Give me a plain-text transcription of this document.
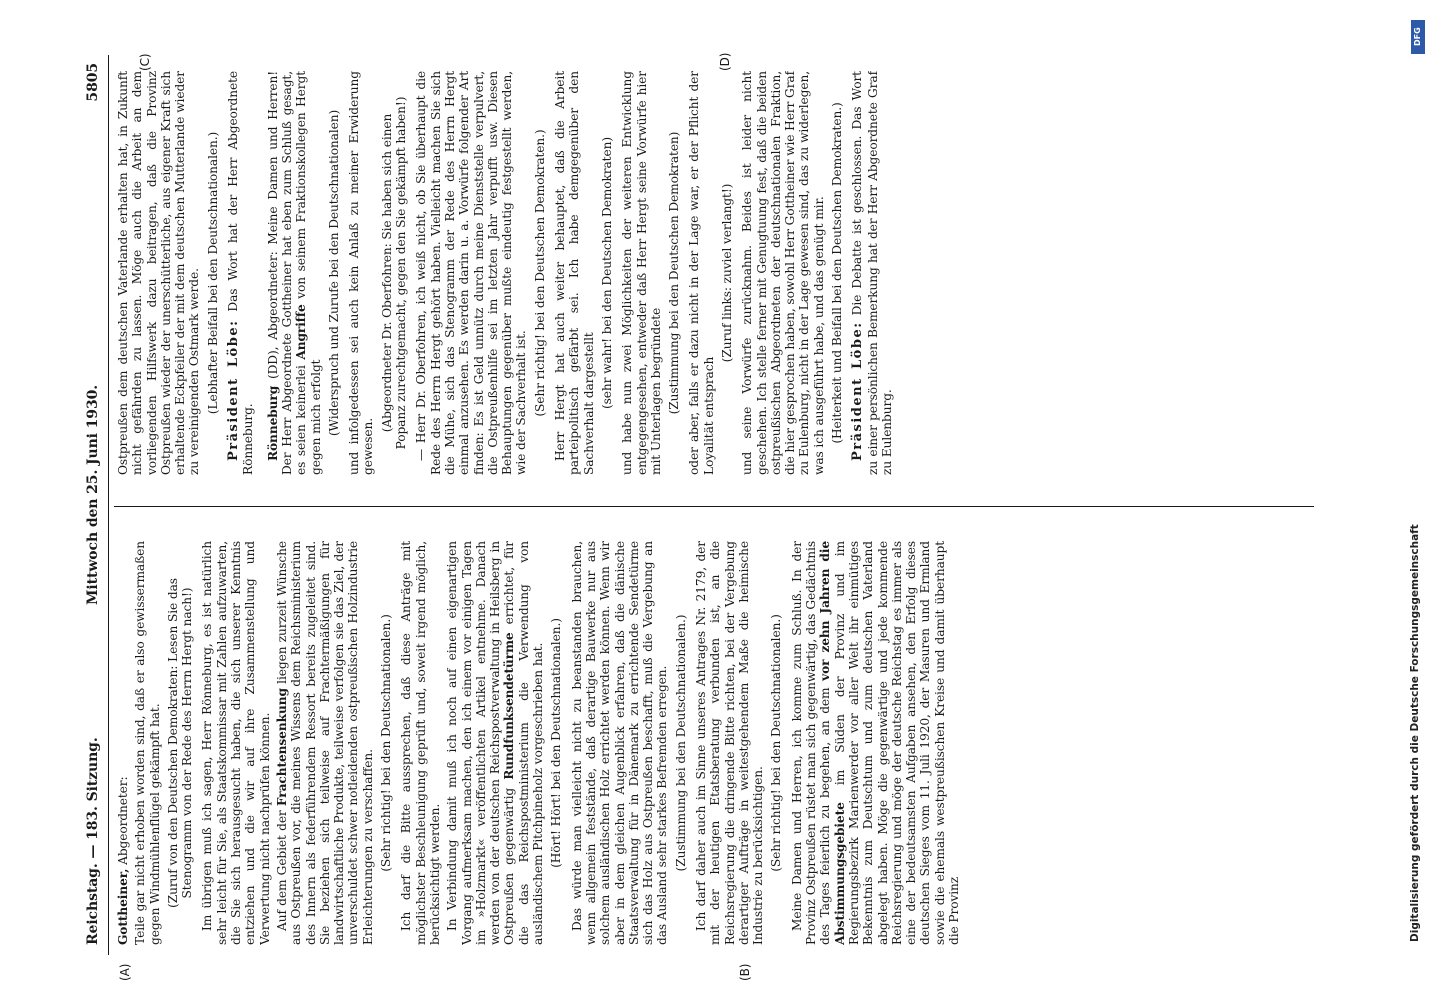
Reichstag. — 183. Sitzung.
Mittwoch den 25. Juni 1930.
5805
(A)	(B)
(C)	(D)

Gottheiner, Abgeordneter: Teile gar nicht erhoben worden sind, daß er also gewissermaßen gegen Windmühlenflügel gekämpft hat. (Zuruf von den Deutschen Demokraten: Lesen Sie das Stenogramm von der Rede des Herrn Hergt nach!) Im übrigen muß ich sagen, Herr Rönneburg, es ist natürlich sehr leicht für Sie, als Staatskommissar mit Zahlen aufzuwarten, die Sie sich herausgesucht haben, die sich unserer Kenntnis entziehen und die wir auf ihre Zusammenstellung und Verwertung nicht nachprüfen können. Auf dem Gebiet der Frachtensenkung liegen zurzeit Wünsche aus Ostpreußen vor, die meines Wissens dem Reichsministerium des Innern als federführendem Ressort bereits zugeleitet sind. Sie beziehen sich teilweise auf Frachtermäßigungen für landwirtschaftliche Produkte, teilweise verfolgen sie das Ziel, der unverschuldet schwer notleidenden ostpreußischen Holzindustrie Erleichterungen zu verschaffen. (Sehr richtig! bei den Deutschnationalen.) Ich darf die Bitte aussprechen, daß diese Anträge mit möglichster Beschleunigung geprüft und, soweit irgend möglich, berücksichtigt werden. In Verbindung damit muß ich noch auf einen eigenartigen Vorgang aufmerksam machen, den ich einem vor einigen Tagen im »Holzmarkt« veröffentlichten Artikel entnehme. Danach werden von der deutschen Reichspostverwaltung in Heilsberg in Ostpreußen gegenwärtig Rundfunksendetürme errichtet, für die das Reichspostministerium die Verwendung von ausländischem Pitchpineholz vorgeschrieben hat. (Hört! Hört! bei den Deutschnationalen.) Das würde man vielleicht nicht zu beanstanden brauchen, wenn allgemein feststände, daß derartige Bauwerke nur aus solchem ausländischen Holz errichtet werden können. Wenn wir aber in dem gleichen Augenblick erfahren, daß die dänische Staatsverwaltung für in Dänemark zu errichtende Sendetürme sich das Holz aus Ostpreußen beschafft, muß die Vergebung an das Ausland sehr starkes Befremden erregen. (Zustimmung bei den Deutschnationalen.) Ich darf daher auch im Sinne unseres Antrages Nr. 2179, der mit der heutigen Etatsberatung verbunden ist, an die Reichsregierung die dringende Bitte richten, bei der Vergebung derartiger Aufträge in weitestgehendem Maße die heimische Industrie zu berücksichtigen. (Sehr richtig! bei den Deutschnationalen.) Meine Damen und Herren, ich komme zum Schluß. In der Provinz Ostpreußen rüstet man sich gegenwärtig, das Gedächtnis des Tages feierlich zu begehen, an dem vor zehn Jahren die Abstimmungsgebiete im Süden der Provinz und im Regierungsbezirk Marienwerder vor aller Welt ihr einmütiges Bekenntnis zum Deutschtum und zum deutschen Vaterland abgelegt haben. Möge die gegenwärtige und jede kommende Reichsregierung und möge der deutsche Reichstag es immer als eine der bedeutsamsten Aufgaben ansehen, den Erfolg dieses deutschen Sieges vom 11. Juli 1920, der Masuren und Ermland sowie die ehemals westpreußischen Kreise und damit überhaupt die Provinz

Ostpreußen dem deutschen Vaterlande erhalten hat, in Zukunft nicht gefährden zu lassen. Möge auch die Arbeit an dem vorliegenden Hilfswerk dazu beitragen, daß die Provinz Ostpreußen wieder der unerschütterliche, aus eigener Kraft sich erhaltende Eckpfeiler der mit dem deutschen Mutterlande wieder zu vereinigenden Ostmark werde. (Lebhafter Beifall bei den Deutschnationalen.) Präsident Löbe: Das Wort hat der Herr Abgeordnete Rönneburg. Rönneburg (DD), Abgeordneter: Meine Damen und Herren! Der Herr Abgeordnete Gottheiner hat eben zum Schluß gesagt, es seien keinerlei Angriffe von seinem Fraktionskollegen Hergt gegen mich erfolgt (Widerspruch und Zurufe bei den Deutschnationalen) und infolgedessen sei auch kein Anlaß zu meiner Erwiderung gewesen.

(Abgeordneter Dr. Oberfohren: Sie haben sich einen Popanz zurechtgemacht, gegen den Sie gekämpft haben!) — Herr Dr. Oberfohren, ich weiß nicht, ob Sie überhaupt die Rede des Herrn Hergt gehört haben. Vielleicht machen Sie sich die Mühe, sich das Stenogramm der Rede des Herrn Hergt einmal anzusehen. Es werden darin u. a. Vorwürfe folgender Art finden: Es ist Geld unnütz durch meine Dienststelle verpulvert, die Ostpreußenhilfe sei im letzten Jahr verpufft usw. Diesen Behauptungen gegenüber mußte eindeutig festgestellt werden, wie der Sachverhalt ist. (Sehr richtig! bei den Deutschen Demokraten.) Herr Hergt hat auch weiter behauptet, daß die Arbeit parteipolitisch gefärbt sei. Ich habe demgegenüber den Sachverhalt dargestellt (sehr wahr! bei den Deutschen Demokraten) und habe nun zwei Möglichkeiten der weiteren Entwicklung entgegengesehen, entweder daß Herr Hergt seine Vorwürfe hier mit Unterlagen begründete (Zustimmung bei den Deutschen Demokraten) oder aber, falls er dazu nicht in der Lage war, er der Pflicht der Loyalität entsprach

(Zuruf links: zuviel verlangt!) und seine Vorwürfe zurücknahm. Beides ist leider nicht geschehen. Ich stelle ferner mit Genugtuung fest, daß die beiden ostpreußischen Abgeordneten der deutschnationalen Fraktion, die hier gesprochen haben, sowohl Herr Gottheiner wie Herr Graf zu Eulenburg, nicht in der Lage gewesen sind, das zu widerlegen, was ich ausgeführt habe, und das genügt mir. (Heiterkeit und Beifall bei den Deutschen Demokraten.) Präsident Löbe: Die Debatte ist geschlossen. Das Wort zu einer persönlichen Bemerkung hat der Herr Abgeordnete Graf zu Eulenburg.

Digitalisierung gefördert durch die Deutsche Forschungsgemeinschaft
DFG
